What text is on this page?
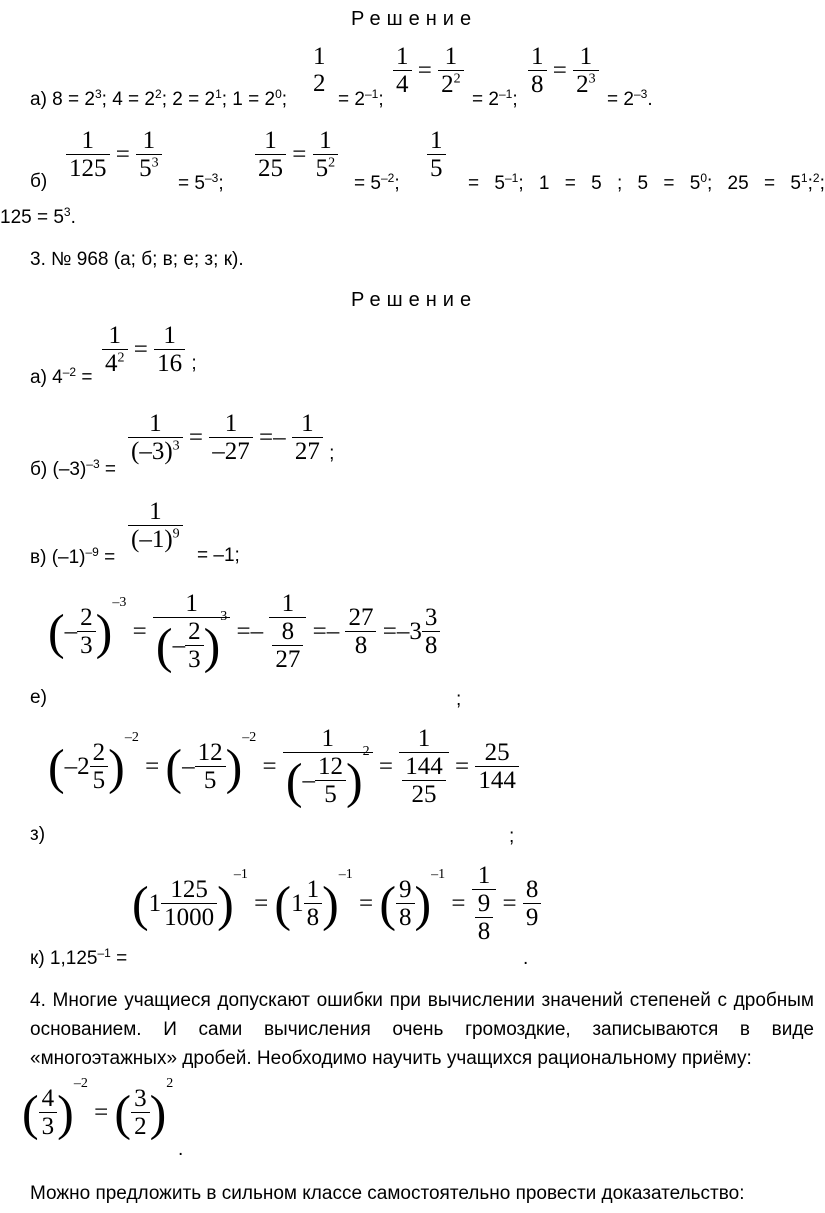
Решение
а) $8 = 2^3$; $4 = 2^2$; $2 = 2^1$; $1 = 2^0$;
1
2
= $2^{-1}$;
$\frac{1}{4} = \frac{1}{2^2}$
= $2^{-1}$;
$\frac{1}{8} = \frac{1}{2^3}$
= $2^{-3}$.
$б) \frac{1}{125} = \frac{1}{5^3}$
= $5^{-3}$;
$\frac{1}{25} = \frac{1}{5^2}$
= $5^{-2}$;
$\frac{1}{5}$
= $5^{-1}$; 1 = 5 ; $5 = 5^0$; $25 = 5^1;^2$;
$125 = 5^3$.
3. № 968 (а; б; в; е; з; к).
Решение
а) $4^{-2}$ =
$\frac{1}{4^2} = \frac{1}{16} _;$
б) $(-3)^{-3}$ =
$\frac{1}{(-3)^3} = \frac{1}{-27} =- \frac{1}{27} _;$
в) $(-1)^{-9}$ =
$\frac{1}{(-1)^9}$
= –1;
(– $\frac{2}{3} )^{-3} = \frac{1}{(- \frac{2}{3} )^3} =- \frac{1}{\frac{8}{27}} =- \frac{27}{8} =-3 \frac{3}{8}$
е)	;
$(-2 \frac{2}{5} )^{-2}$ = (– $\frac{12}{5} )^{-2} = \frac{1}{(- \frac{12}{5} )^2} = \frac{1}{\frac{144}{25}} = \frac{25}{144}$
з)	;
$(1 \frac{125}{1000} )^{-1} = (1 \frac{1}{8} )^{-1}$ = ( $\frac{9}{8} )^{-1} = \frac{1}{\frac{9}{8}} = \frac{8}{9}$
к) $1,125^{-1}$ =	.
4. Многие учащиеся допускают ошибки при вычислении значений степеней с дробным основанием. И сами вычисления очень громоздкие, записываются в виде «многоэтажных» дробей. Необходимо научить учащихся рациональному приёму:
( $\frac{4}{3} )^{-2}$ = ( $\frac{3}{2} )^2$
.
Можно предложить в сильном классе самостоятельно провести доказательство:
